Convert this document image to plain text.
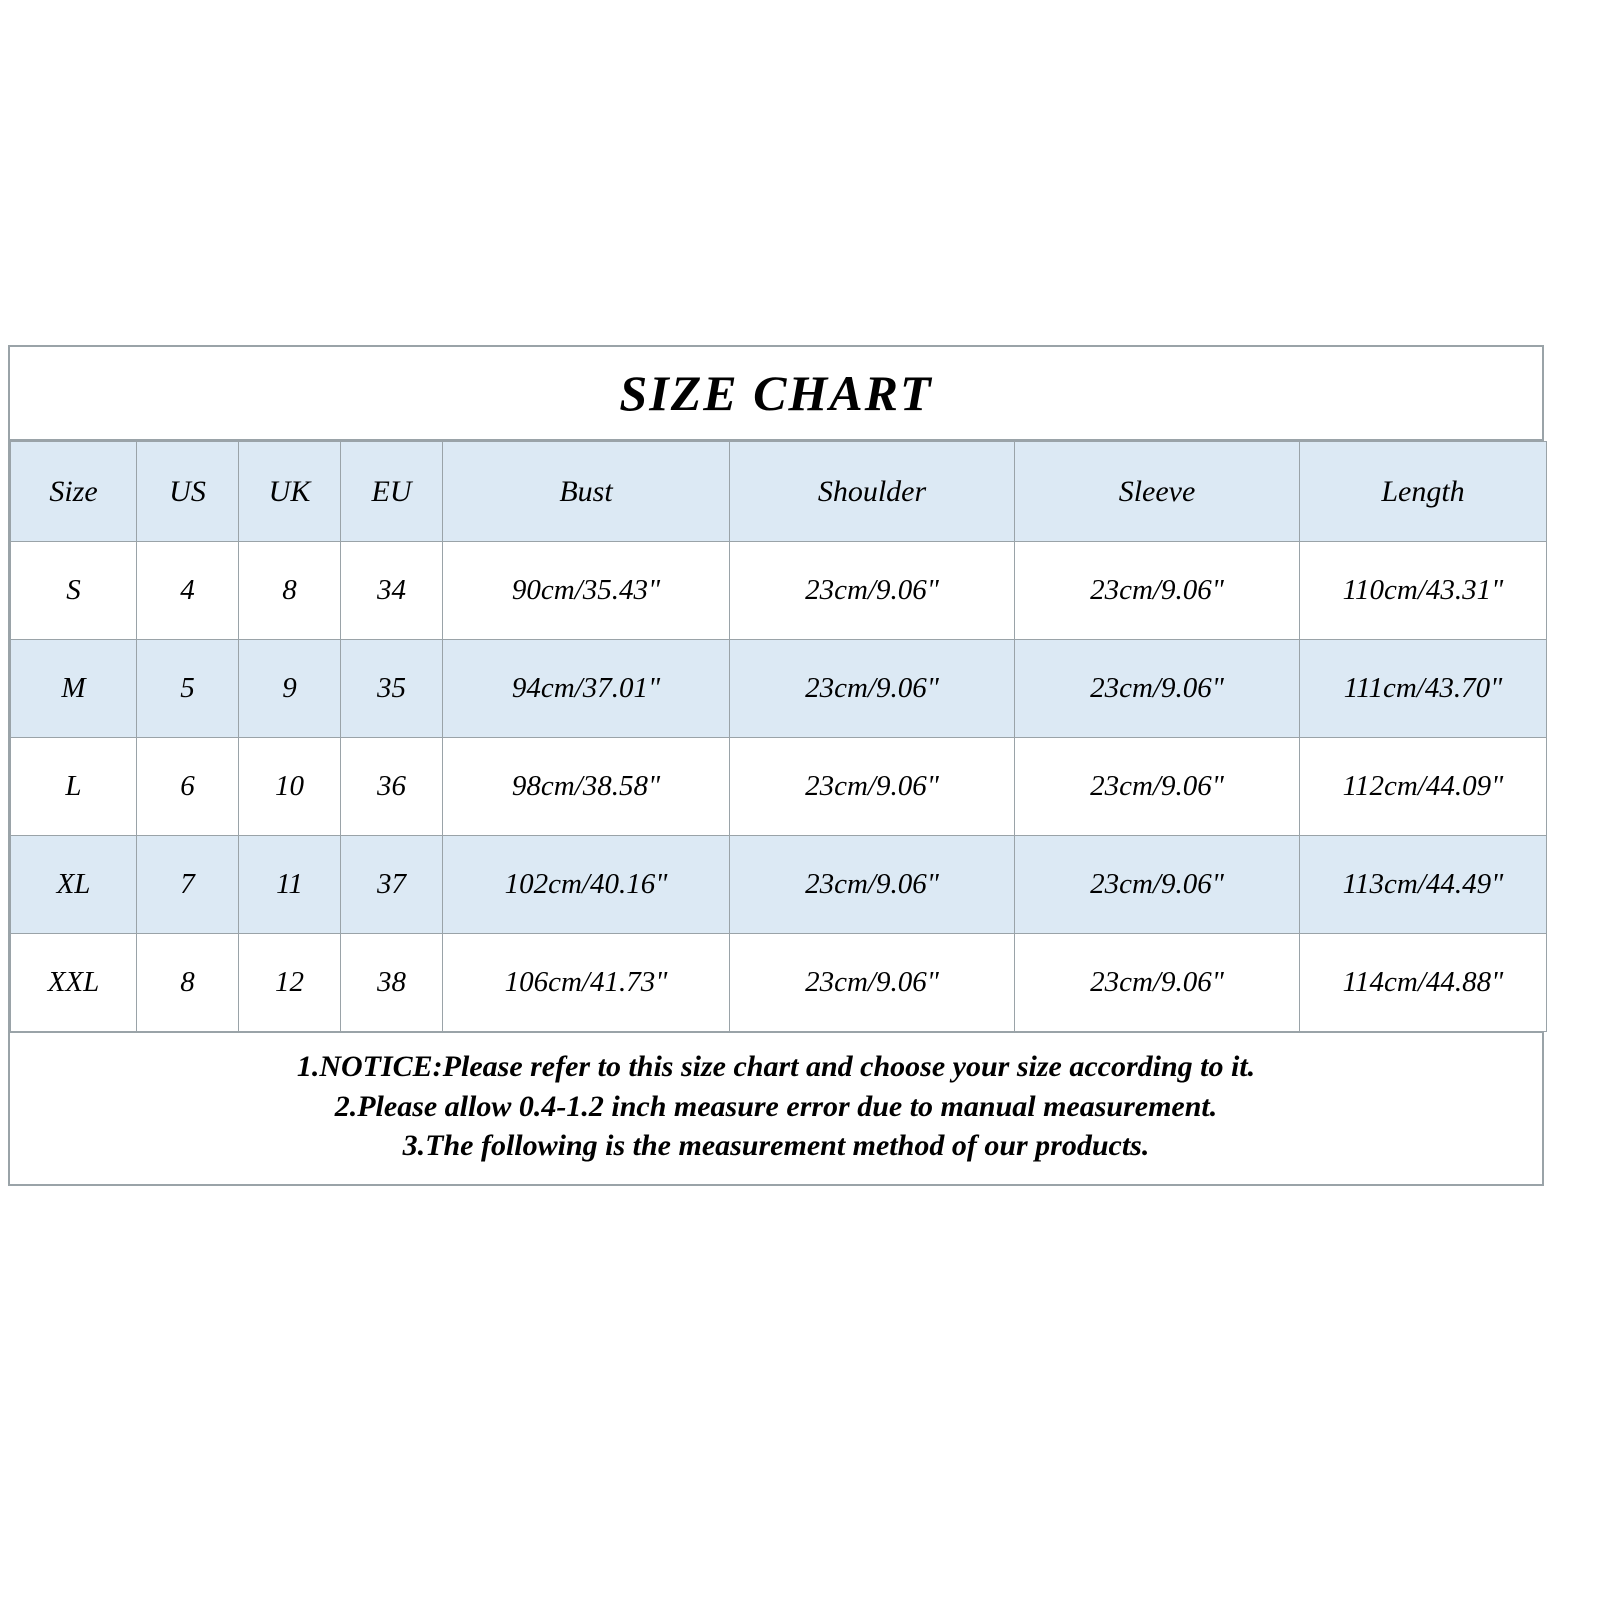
SIZE CHART
Size	US	UK	EU	Bust	Shoulder	Sleeve	Length
S	4	8	34	90cm/35.43"	23cm/9.06"	23cm/9.06"	110cm/43.31"
M	5	9	35	94cm/37.01"	23cm/9.06"	23cm/9.06"	111cm/43.70"
L	6	10	36	98cm/38.58"	23cm/9.06"	23cm/9.06"	112cm/44.09"
XL	7	11	37	102cm/40.16"	23cm/9.06"	23cm/9.06"	113cm/44.49"
XXL	8	12	38	106cm/41.73"	23cm/9.06"	23cm/9.06"	114cm/44.88"

1.NOTICE:Please refer to this size chart and choose your size according to it.

2.Please allow 0.4-1.2 inch measure error due to manual measurement.

3.The following is the measurement method of our products.
